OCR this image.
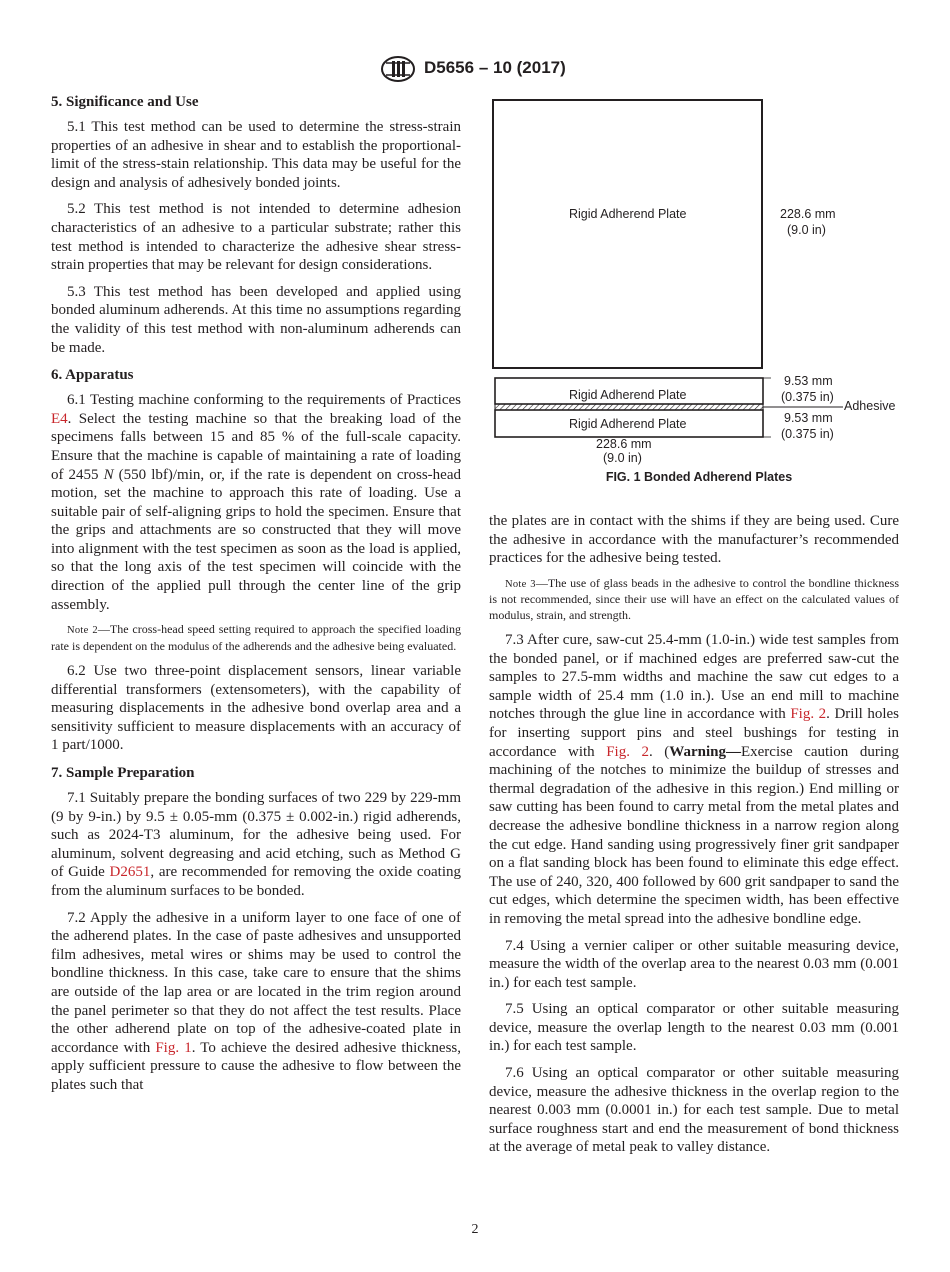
D5656 – 10 (2017)
5. Significance and Use

5.1 This test method can be used to determine the stress-strain properties of an adhesive in shear and to establish the proportional-limit of the stress-stain relationship. This data may be useful for the design and analysis of adhesively bonded joints.

5.2 This test method is not intended to determine adhesion characteristics of an adhesive to a particular substrate; rather this test method is intended to characterize the adhesive shear stress-strain properties that may be relevant for design considerations.

5.3 This test method has been developed and applied using bonded aluminum adherends. At this time no assumptions regarding the validity of this test method with non-aluminum adherends can be made.

6. Apparatus

6.1 Testing machine conforming to the requirements of Practices E4. Select the testing machine so that the breaking load of the specimens falls between 15 and 85 % of the full-scale capacity. Ensure that the machine is capable of maintaining a rate of loading of 2455 N (550 lbf)/min, or, if the rate is dependent on cross-head motion, set the machine to approach this rate of loading. Use a suitable pair of self-aligning grips to hold the specimen. Ensure that the grips and attachments are so constructed that they will move into alignment with the test specimen as soon as the load is applied, so that the long axis of the test specimen will coincide with the direction of the applied pull through the center line of the grip assembly.

Note 2—The cross-head speed setting required to approach the specified loading rate is dependent on the modulus of the adherends and the adhesive being evaluated.

6.2 Use two three-point displacement sensors, linear variable differential transformers (extensometers), with the capability of measuring displacements in the adhesive bond overlap area and a sensitivity sufficient to measure displacements with an accuracy of 1 part/1000.

7. Sample Preparation

7.1 Suitably prepare the bonding surfaces of two 229 by 229-mm (9 by 9-in.) by 9.5 ± 0.05-mm (0.375 ± 0.002-in.) rigid adherends, such as 2024-T3 aluminum, for the adhesive being used. For aluminum, solvent degreasing and acid etching, such as Method G of Guide D2651, are recommended for removing the oxide coating from the aluminum surfaces to be bonded.

7.2 Apply the adhesive in a uniform layer to one face of one of the adherend plates. In the case of paste adhesives and unsupported film adhesives, metal wires or shims may be used to control the bondline thickness. In this case, take care to ensure that the shims are outside of the lap area or are located in the trim region around the panel perimeter so that they do not affect the test results. Place the other adherend plate on top of the adhesive-coated plate in accordance with Fig. 1. To achieve the desired adhesive thickness, apply sufficient pressure to cause the adhesive to flow between the plates such that

Rigid Adherend Plate	228.6 mm
(9.0 in)
Rigid Adherend Plate
Rigid Adherend Plate
9.53 mm
(0.375 in)
Adhesive
9.53 mm
(0.375 in)
228.6 mm
(9.0 in)
FIG. 1 Bonded Adherend Plates

the plates are in contact with the shims if they are being used. Cure the adhesive in accordance with the manufacturer’s recommended practices for the adhesive being tested.

Note 3—The use of glass beads in the adhesive to control the bondline thickness is not recommended, since their use will have an effect on the calculated values of modulus, strain, and strength.

7.3 After cure, saw-cut 25.4-mm (1.0-in.) wide test samples from the bonded panel, or if machined edges are preferred saw-cut the samples to 27.5-mm widths and machine the saw cut edges to a sample width of 25.4 mm (1.0 in.). Use an end mill to machine notches through the glue line in accordance with Fig. 2. Drill holes for inserting support pins and steel bushings for testing in accordance with Fig. 2. (Warning—Exercise caution during machining of the notches to minimize the buildup of stresses and thermal degradation of the adhesive in this region.) End milling or saw cutting has been found to carry metal from the metal plates and decrease the adhesive bondline thickness in a narrow region along the cut edge. Hand sanding using progressively finer grit sandpaper on a flat sanding block has been found to eliminate this edge effect. The use of 240, 320, 400 followed by 600 grit sandpaper to sand the cut edges, which determine the specimen width, has been effective in removing the metal spread into the adhesive bondline edge.

7.4 Using a vernier caliper or other suitable measuring device, measure the width of the overlap area to the nearest 0.03 mm (0.001 in.) for each test sample.

7.5 Using an optical comparator or other suitable measuring device, measure the overlap length to the nearest 0.03 mm (0.001 in.) for each test sample.

7.6 Using an optical comparator or other suitable measuring device, measure the adhesive thickness in the overlap region to the nearest 0.003 mm (0.0001 in.) for each test sample. Due to metal surface roughness start and end the measurement of bond thickness at the average of metal peak to valley distance.

2
